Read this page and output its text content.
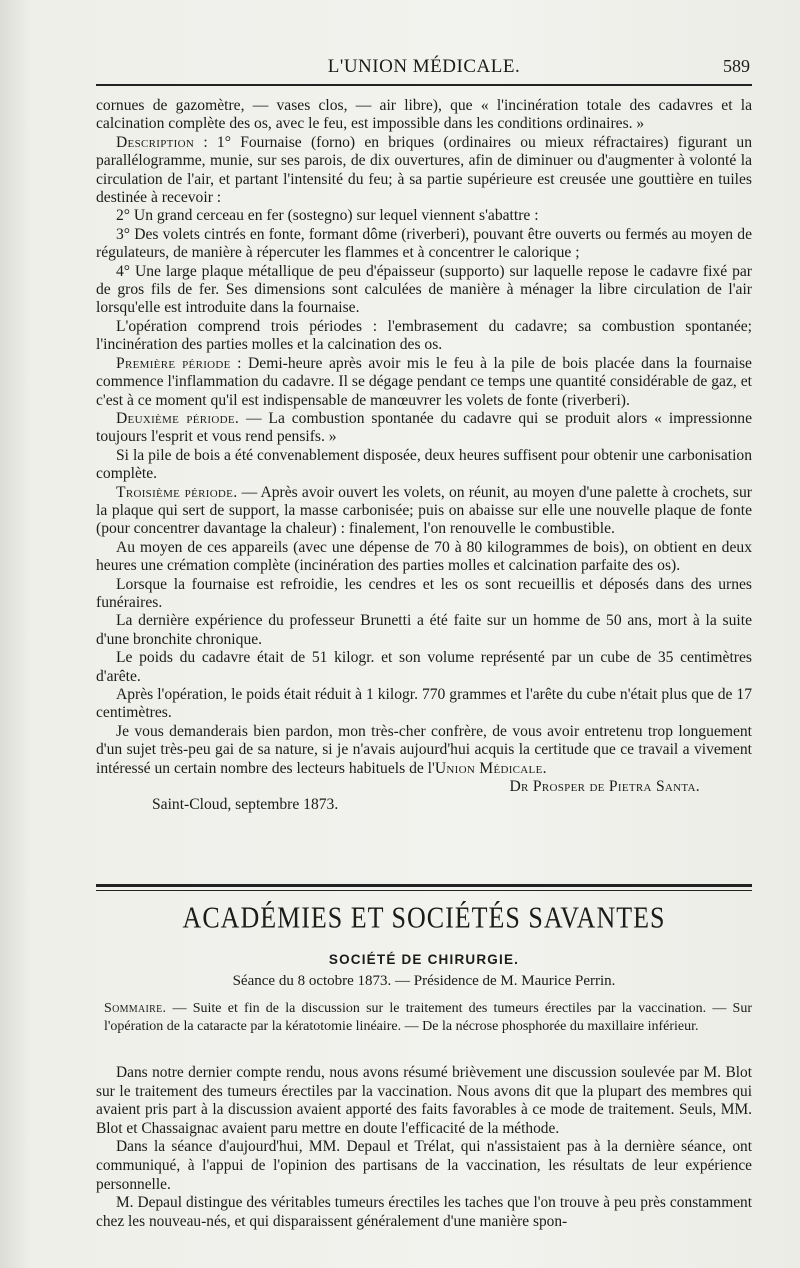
L'UNION MÉDICALE.	589

cornues de gazomètre, — vases clos, — air libre), que « l'incinération totale des cadavres et la calcination complète des os, avec le feu, est impossible dans les conditions ordinaires. »

Description : 1° Fournaise (forno) en briques (ordinaires ou mieux réfractaires) figurant un parallélogramme, munie, sur ses parois, de dix ouvertures, afin de diminuer ou d'augmenter à volonté la circulation de l'air, et partant l'intensité du feu; à sa partie supérieure est creusée une gouttière en tuiles destinée à recevoir :

2° Un grand cerceau en fer (sostegno) sur lequel viennent s'abattre :

3° Des volets cintrés en fonte, formant dôme (riverberi), pouvant être ouverts ou fermés au moyen de régulateurs, de manière à répercuter les flammes et à concentrer le calorique ;

4° Une large plaque métallique de peu d'épaisseur (supporto) sur laquelle repose le cadavre fixé par de gros fils de fer. Ses dimensions sont calculées de manière à ménager la libre circulation de l'air lorsqu'elle est introduite dans la fournaise.

L'opération comprend trois périodes : l'embrasement du cadavre; sa combustion spontanée; l'incinération des parties molles et la calcination des os.

Première période : Demi-heure après avoir mis le feu à la pile de bois placée dans la fournaise commence l'inflammation du cadavre. Il se dégage pendant ce temps une quantité considérable de gaz, et c'est à ce moment qu'il est indispensable de manœuvrer les volets de fonte (riverberi).

Deuxième période. — La combustion spontanée du cadavre qui se produit alors « impressionne toujours l'esprit et vous rend pensifs. »

Si la pile de bois a été convenablement disposée, deux heures suffisent pour obtenir une carbonisation complète.

Troisième période. — Après avoir ouvert les volets, on réunit, au moyen d'une palette à crochets, sur la plaque qui sert de support, la masse carbonisée; puis on abaisse sur elle une nouvelle plaque de fonte (pour concentrer davantage la chaleur) : finalement, l'on renouvelle le combustible.

Au moyen de ces appareils (avec une dépense de 70 à 80 kilogrammes de bois), on obtient en deux heures une crémation complète (incinération des parties molles et calcination parfaite des os).

Lorsque la fournaise est refroidie, les cendres et les os sont recueillis et déposés dans des urnes funéraires.

La dernière expérience du professeur Brunetti a été faite sur un homme de 50 ans, mort à la suite d'une bronchite chronique.

Le poids du cadavre était de 51 kilogr. et son volume représenté par un cube de 35 centimètres d'arête.

Après l'opération, le poids était réduit à 1 kilogr. 770 grammes et l'arête du cube n'était plus que de 17 centimètres.

Je vous demanderais bien pardon, mon très-cher confrère, de vous avoir entretenu trop longuement d'un sujet très-peu gai de sa nature, si je n'avais aujourd'hui acquis la certitude que ce travail a vivement intéressé un certain nombre des lecteurs habituels de l'Union Médicale.

Dr Prosper de Pietra Santa.
Saint-Cloud, septembre 1873.
ACADÉMIES ET SOCIÉTÉS SAVANTES
SOCIÉTÉ DE CHIRURGIE.
Séance du 8 octobre 1873. — Présidence de M. Maurice Perrin.
Sommaire. — Suite et fin de la discussion sur le traitement des tumeurs érectiles par la vaccination. — Sur l'opération de la cataracte par la kératotomie linéaire. — De la nécrose phosphorée du maxillaire inférieur.

Dans notre dernier compte rendu, nous avons résumé brièvement une discussion soulevée par M. Blot sur le traitement des tumeurs érectiles par la vaccination. Nous avons dit que la plupart des membres qui avaient pris part à la discussion avaient apporté des faits favorables à ce mode de traitement. Seuls, MM. Blot et Chassaignac avaient paru mettre en doute l'efficacité de la méthode.

Dans la séance d'aujourd'hui, MM. Depaul et Trélat, qui n'assistaient pas à la dernière séance, ont communiqué, à l'appui de l'opinion des partisans de la vaccination, les résultats de leur expérience personnelle.

M. Depaul distingue des véritables tumeurs érectiles les taches que l'on trouve à peu près constamment chez les nouveau-nés, et qui disparaissent généralement d'une manière spon-
